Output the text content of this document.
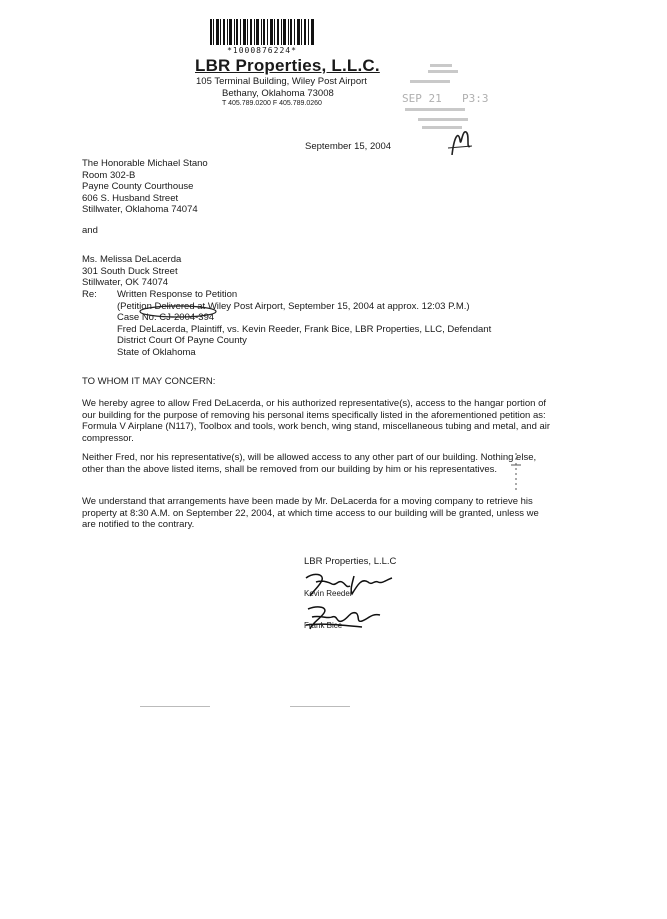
*1000876224*
LBR Properties, L.L.C.
105 Terminal Building, Wiley Post Airport
Bethany, Oklahoma 73008
T 405.789.0200 F 405.789.0260	SEP 21 P3:3
September 15, 2004
The Honorable Michael Stano
Room 302-B
Payne County Courthouse
606 S. Husband Street
Stillwater, Oklahoma 74074
and
Ms. Melissa DeLacerda
301 South Duck Street
Stillwater, OK 74074
Re: Written Response to Petition
(Petition Delivered at Wiley Post Airport, September 15, 2004 at approx. 12:03 P.M.)
Case No. CJ-2004-394
Fred DeLacerda, Plaintiff, vs. Kevin Reeder, Frank Bice, LBR Properties, LLC, Defendant
District Court Of Payne County
State of Oklahoma
TO WHOM IT MAY CONCERN:
We hereby agree to allow Fred DeLacerda, or his authorized representative(s), access to the hangar portion of our building for the purpose of removing his personal items specifically listed in the aforementioned petition as: Formula V Airplane (N117), Toolbox and tools, work bench, wing stand, miscellaneous tubing and metal, and air compressor.
Neither Fred, nor his representative(s), will be allowed access to any other part of our building. Nothing else, other than the above listed items, shall be removed from our building by him or his representatives.
We understand that arrangements have been made by Mr. DeLacerda for a moving company to retrieve his property at 8:30 A.M. on September 22, 2004, at which time access to our building will be granted, unless we are notified to the contrary.
LBR Properties, L.L.C
Kevin Reeder
Frank Bice
